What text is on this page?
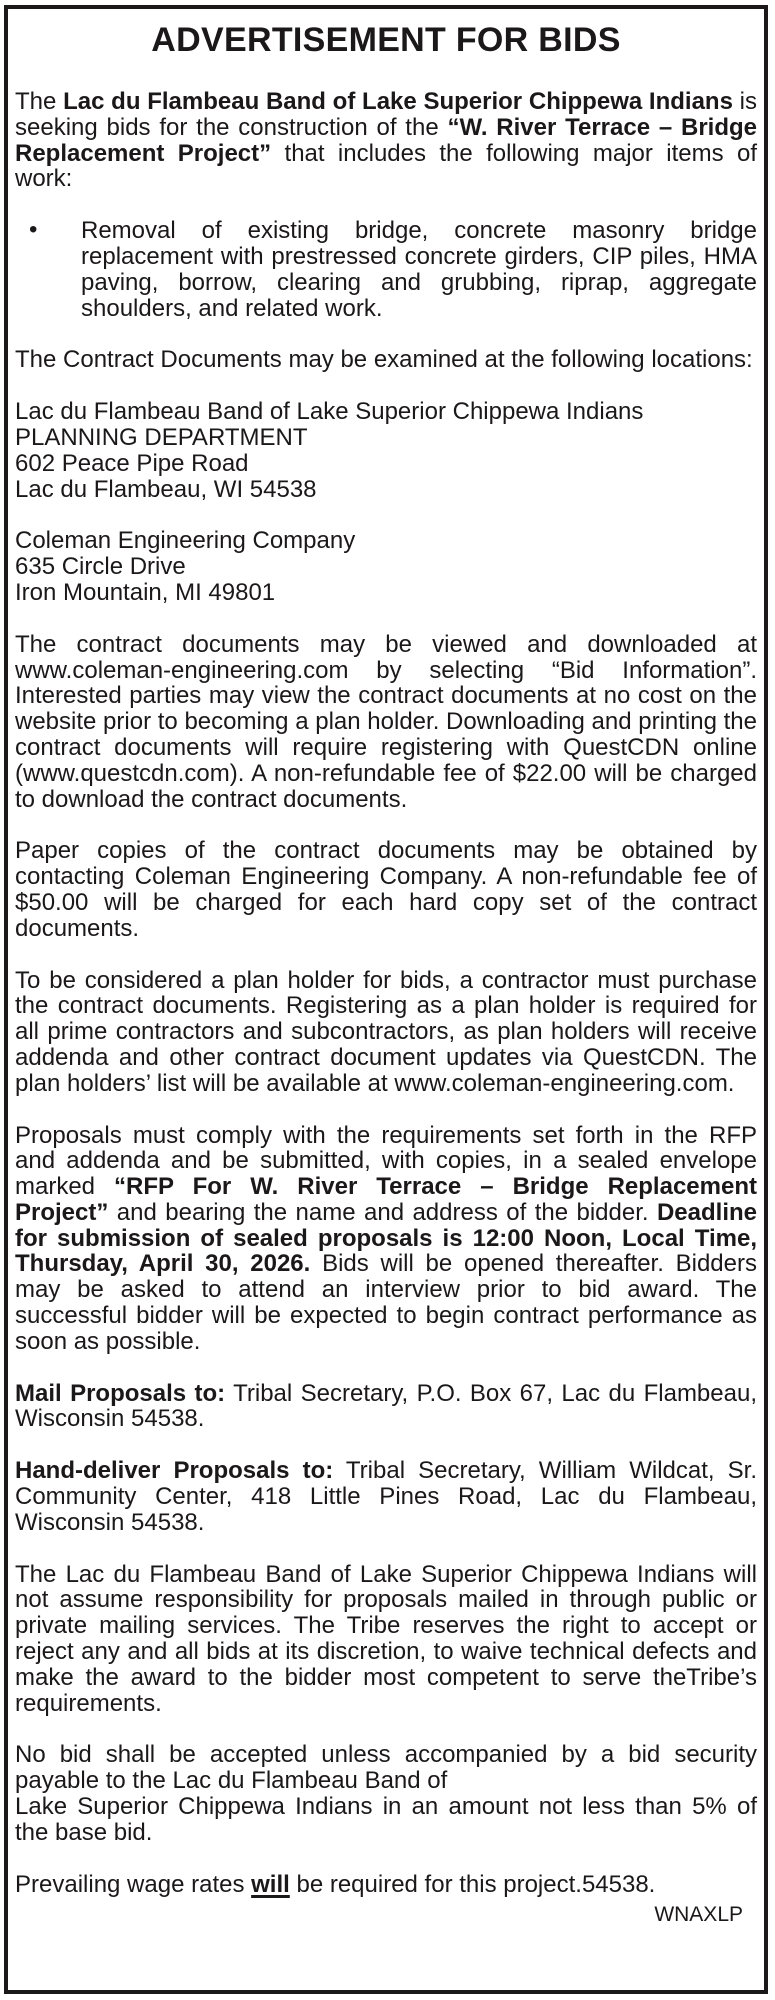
ADVERTISEMENT FOR BIDS

The Lac du Flambeau Band of Lake Superior Chippewa Indians is seeking bids for the construction of the “W. River Terrace – Bridge Replacement Project” that includes the following major items of work:

• Removal of existing bridge, concrete masonry bridge replacement with prestressed concrete girders, CIP piles, HMA paving, borrow, clearing and grubbing, riprap, aggregate shoulders, and related work.

The Contract Documents may be examined at the following locations:

Lac du Flambeau Band of Lake Superior Chippewa Indians
PLANNING DEPARTMENT
602 Peace Pipe Road
Lac du Flambeau, WI 54538
Coleman Engineering Company
635 Circle Drive
Iron Mountain, MI 49801

The contract documents may be viewed and downloaded at www.coleman-engineering.com by selecting “Bid Information”. Interested parties may view the contract documents at no cost on the website prior to becoming a plan holder. Downloading and printing the contract documents will require registering with QuestCDN online (www.questcdn.com). A non-refundable fee of $22.00 will be charged to download the contract documents.

Paper copies of the contract documents may be obtained by contacting Coleman Engineering Company. A non-refundable fee of $50.00 will be charged for each hard copy set of the contract documents.

To be considered a plan holder for bids, a contractor must purchase the contract documents. Registering as a plan holder is required for all prime contractors and subcontractors, as plan holders will receive addenda and other contract document updates via QuestCDN. The plan holders’ list will be available at www.coleman-engineering.com.

Proposals must comply with the requirements set forth in the RFP and addenda and be submitted, with copies, in a sealed envelope marked “RFP For W. River Terrace – Bridge Replacement Project” and bearing the name and address of the bidder. Deadline for submission of sealed proposals is 12:00 Noon, Local Time, Thursday, April 30, 2026. Bids will be opened thereafter. Bidders may be asked to attend an interview prior to bid award. The successful bidder will be expected to begin contract performance as soon as possible.

Mail Proposals to: Tribal Secretary, P.O. Box 67, Lac du Flambeau, Wisconsin 54538.

Hand-deliver Proposals to: Tribal Secretary, William Wildcat, Sr. Community Center, 418 Little Pines Road, Lac du Flambeau, Wisconsin 54538.

The Lac du Flambeau Band of Lake Superior Chippewa Indians will not assume responsibility for proposals mailed in through public or private mailing services. The Tribe reserves the right to accept or reject any and all bids at its discretion, to waive technical defects and make the award to the bidder most competent to serve theTribe’s requirements.

No bid shall be accepted unless accompanied by a bid security payable to the Lac du Flambeau Band of
Lake Superior Chippewa Indians in an amount not less than 5% of the base bid.

Prevailing wage rates will be required for this project.54538.

WNAXLP
